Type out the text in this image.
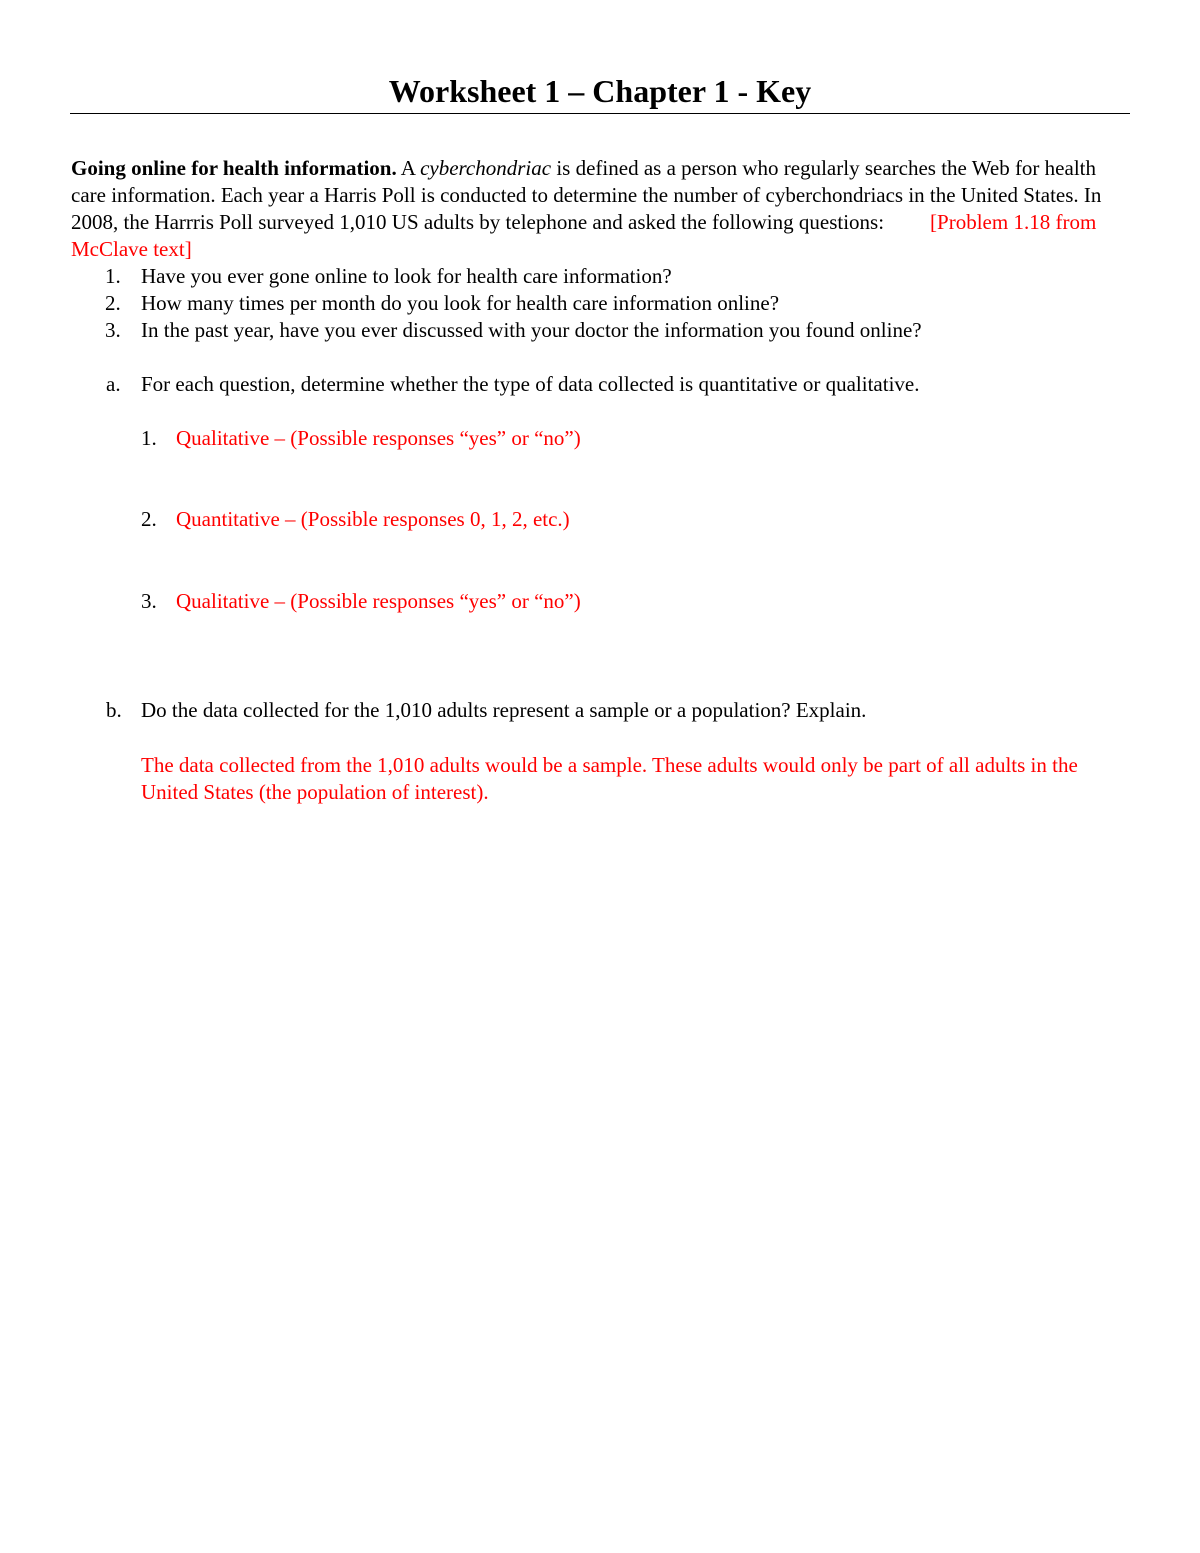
Worksheet 1 – Chapter 1 - Key

Going online for health information. A cyberchondriac is defined as a person who regularly searches the Web for health care information. Each year a Harris Poll is conducted to determine the number of cyberchondriacs in the United States. In 2008, the Harrris Poll surveyed 1,010 US adults by telephone and asked the following questions: [Problem 1.18 from McClave text]

1. Have you ever gone online to look for health care information?
2. How many times per month do you look for health care information online?
3. In the past year, have you ever discussed with your doctor the information you found online?
a. For each question, determine whether the type of data collected is quantitative or qualitative.
1. Qualitative – (Possible responses “yes” or “no”)
2. Quantitative – (Possible responses 0, 1, 2, etc.)
3. Qualitative – (Possible responses “yes” or “no”)
b. Do the data collected for the 1,010 adults represent a sample or a population? Explain.

The data collected from the 1,010 adults would be a sample. These adults would only be part of all adults in the United States (the population of interest).
